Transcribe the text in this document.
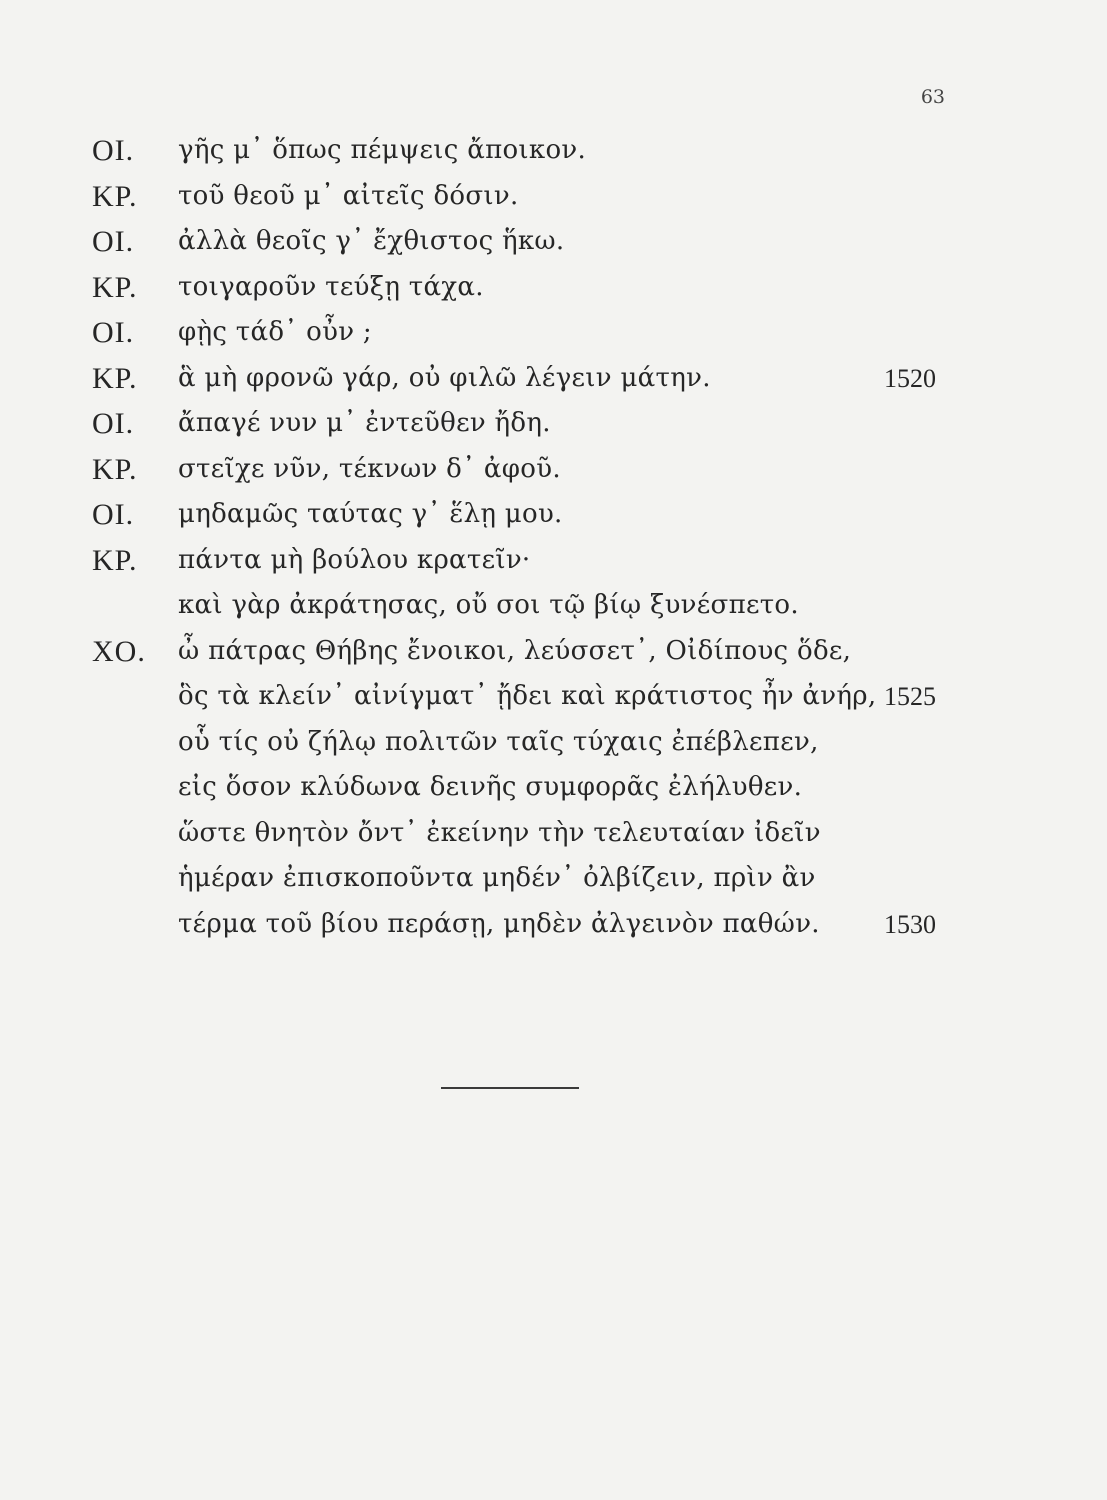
63
ΟΙ.	γῆς μ᾽ ὅπως πέμψεις ἄποικον.
ΚΡ.	τοῦ θεοῦ μ᾽ αἰτεῖς δόσιν.
ΟΙ.	ἀλλὰ θεοῖς γ᾽ ἔχθιστος ἥκω.
ΚΡ.	τοιγαροῦν τεύξῃ τάχα.
ΟΙ.	φῂς τάδ᾽ οὖν ;
ΚΡ.	ἃ μὴ φρονῶ γάρ, οὐ φιλῶ λέγειν μάτην.	1520
ΟΙ.	ἄπαγέ νυν μ᾽ ἐντεῦθεν ἤδη.
ΚΡ.	στεῖχε νῦν, τέκνων δ᾽ ἀφοῦ.
ΟΙ.	μηδαμῶς ταύτας γ᾽ ἕλῃ μου.
ΚΡ.	πάντα μὴ βούλου κρατεῖν·
καὶ γὰρ ἀκράτησας, οὔ σοι τῷ βίῳ ξυνέσπετο.
ΧΟ.	ὦ πάτρας Θήβης ἔνοικοι, λεύσσετ᾽, Οἰδίπους ὅδε,
ὃς τὰ κλείν᾽ αἰνίγματ᾽ ᾔδει καὶ κράτιστος ἦν ἀνήρ, 1525
οὗ τίς οὐ ζήλῳ πολιτῶν ταῖς τύχαις ἐπέβλεπεν,
εἰς ὅσον κλύδωνα δεινῆς συμφορᾶς ἐλήλυθεν.
ὥστε θνητὸν ὄντ᾽ ἐκείνην τὴν τελευταίαν ἰδεῖν
ἡμέραν ἐπισκοποῦντα μηδέν᾽ ὀλβίζειν, πρὶν ἂν
τέρμα τοῦ βίου περάσῃ, μηδὲν ἀλγεινὸν παθών. 1530
